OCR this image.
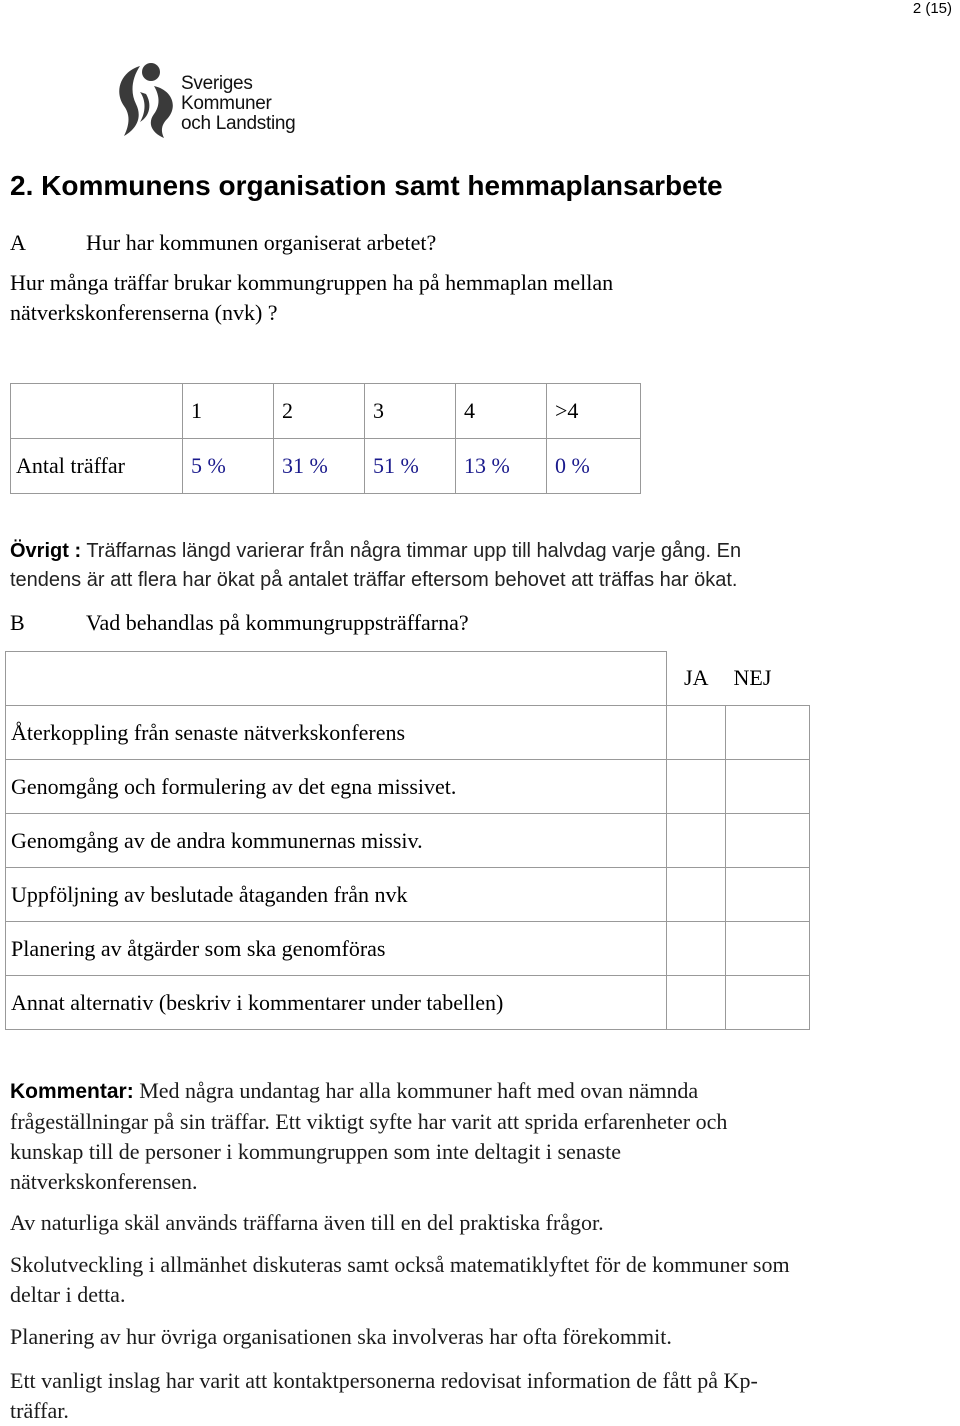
2 (15)
Sveriges
Kommuner
och Landsting
2. Kommunens organisation samt hemmaplansarbete
A	Hur har kommunen organiserat arbetet?
Hur många träffar brukar kommungruppen ha på hemmaplan mellan
nätverkskonferenserna (nvk) ?
	1	2	3	4	>4
Antal träffar	5 %	31 %	51 %	13 %	0 %
Övrigt : Träffarnas längd varierar från några timmar upp till halvdag varje gång. En
tendens är att flera har ökat på antalet träffar eftersom behovet att träffas har ökat.
B	Vad behandlas på kommungruppsträffarna?
	JA	NEJ
Återkoppling från senaste nätverkskonferens		
Genomgång och formulering av det egna missivet.		
Genomgång av de andra kommunernas missiv.		
Uppföljning av beslutade åtaganden från nvk		
Planering av åtgärder som ska genomföras		
Annat alternativ (beskriv i kommentarer under tabellen)		
Kommentar: Med några undantag har alla kommuner haft med ovan nämnda
frågeställningar på sin träffar. Ett viktigt syfte har varit att sprida erfarenheter och
kunskap till de personer i kommungruppen som inte deltagit i senaste
nätverkskonferensen.
Av naturliga skäl används träffarna även till en del praktiska frågor.
Skolutveckling i allmänhet diskuteras samt också matematiklyftet för de kommuner som
deltar i detta.
Planering av hur övriga organisationen ska involveras har ofta förekommit.
Ett vanligt inslag har varit att kontaktpersonerna redovisat information de fått på Kp-
träffar.
